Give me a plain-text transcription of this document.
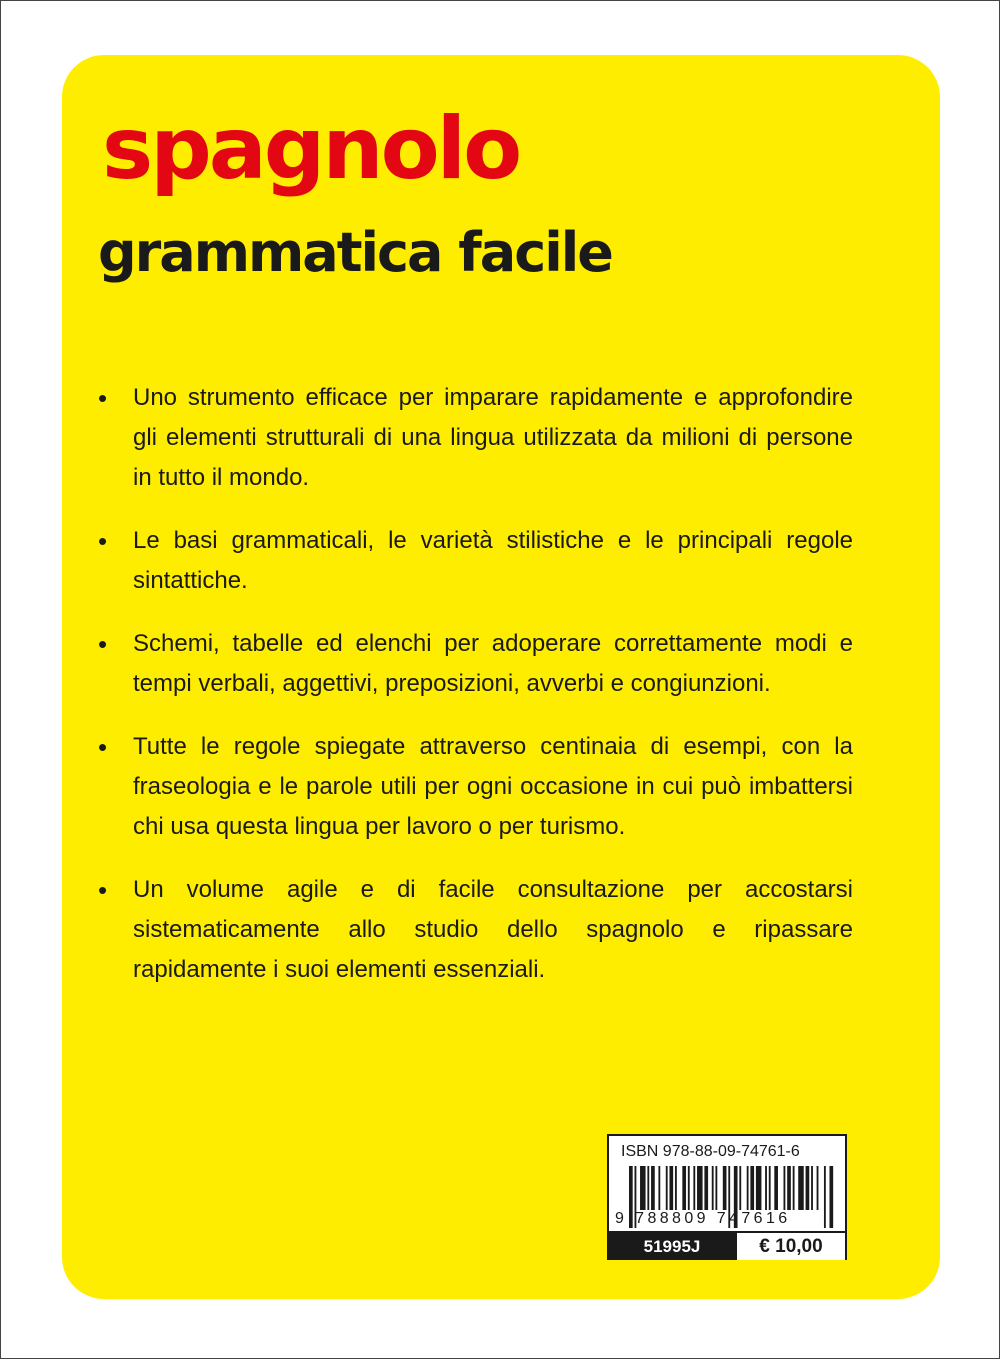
spagnolo
grammatica facile
• Uno strumento efficace per imparare rapidamente e approfondire gli elementi strutturali di una lingua utilizzata da milioni di persone in tutto il mondo.
• Le basi grammaticali, le varietà stilistiche e le principali regole sintattiche.
• Schemi, tabelle ed elenchi per adoperare correttamente modi e tempi verbali, aggettivi, preposizioni, avverbi e congiunzioni.
• Tutte le regole spiegate attraverso centinaia di esempi, con la fraseologia e le parole utili per ogni occasione in cui può imbattersi chi usa questa lingua per lavoro o per turismo.
• Un volume agile e di facile consultazione per accostarsi sistematicamente allo studio dello spagnolo e ripassare rapidamente i suoi elementi essenziali.
ISBN 978-88-09-74761-6
9 788809 747616
51995J	€ 10,00
